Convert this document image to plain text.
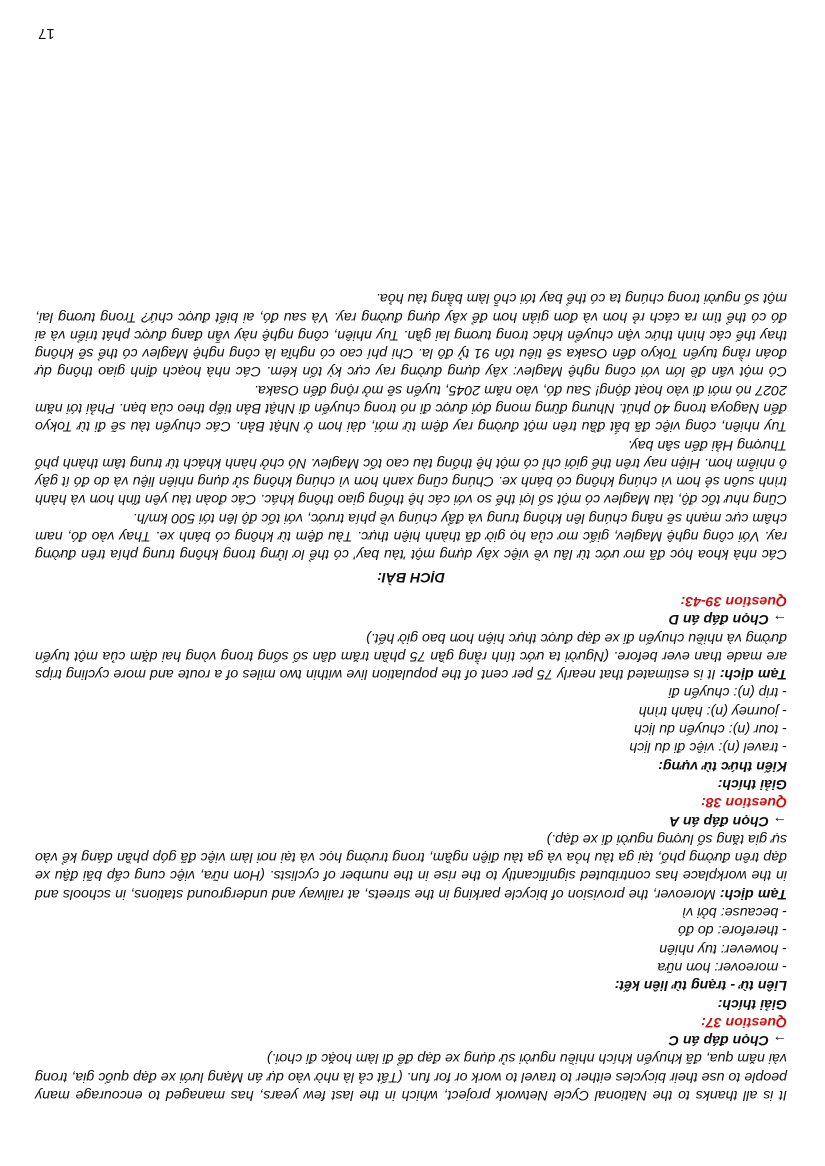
It is all thanks to the National Cycle Network project, which in the last few years, has managed to encourage many people to use their bicycles either to travel to work or for fun. (Tất cả là nhờ vào dự án Mạng lưới xe đạp quốc gia, trong vài năm qua, đã khuyến khích nhiều người sử dụng xe đạp để đi làm hoặc đi chơi.)

→ Chọn đáp án C

Question 37:

Giải thích:

Liên từ - trạng từ liên kết:

- moreover: hơn nữa

- however: tuy nhiên

- therefore: do đó

- because: bởi vì

Tạm dịch: Moreover, the provision of bicycle parking in the streets, at railway and underground stations, in schools and in the workplace has contributed significantly to the rise in the number of cyclists. (Hơn nữa, việc cung cấp bãi đậu xe đạp trên đường phố, tại ga tàu hỏa và ga tàu điện ngầm, trong trường học và tại nơi làm việc đã góp phần đáng kể vào sự gia tăng số lượng người đi xe đạp.)

→ Chọn đáp án A

Question 38:

Giải thích:

Kiến thức từ vựng:

- travel (n): việc đi du lịch

- tour (n): chuyến du lịch

- journey (n): hành trình

- trip (n): chuyến đi

Tạm dịch: It is estimated that nearly 75 per cent of the population live within two miles of a route and more cycling trips are made than ever before. (Người ta ước tính rằng gần 75 phần trăm dân số sống trong vòng hai dặm của một tuyến đường và nhiều chuyến đi xe đạp được thực hiện hơn bao giờ hết.)

→ Chọn đáp án D

Question 39-43:

DỊCH BÀI:

Các nhà khoa học đã mơ ước từ lâu về việc xây dựng một 'tàu bay' có thể lơ lửng trong không trung phía trên đường ray. Với công nghệ Maglev, giấc mơ của họ giờ đã thành hiện thực. Tàu đệm từ không có bánh xe. Thay vào đó, nam châm cực mạnh sẽ nâng chúng lên không trung và đẩy chúng về phía trước, với tốc độ lên tới 500 km/h.

Cũng như tốc độ, tàu Maglev có một số lợi thế so với các hệ thống giao thông khác. Các đoàn tàu yên tĩnh hơn và hành trình suôn sẻ hơn vì chúng không có bánh xe. Chúng cũng xanh hơn vì chúng không sử dụng nhiên liệu và do đó ít gây ô nhiễm hơn. Hiện nay trên thế giới chỉ có một hệ thống tàu cao tốc Maglev. Nó chở hành khách từ trung tâm thành phố Thượng Hải đến sân bay.

Tuy nhiên, công việc đã bắt đầu trên một đường ray đệm từ mới, dài hơn ở Nhật Bản. Các chuyến tàu sẽ đi từ Tokyo đến Nagoya trong 40 phút. Nhưng đừng mong đợi được đi nó trong chuyến đi Nhật Bản tiếp theo của bạn. Phải tới năm 2027 nó mới đi vào hoạt động! Sau đó, vào năm 2045, tuyến sẽ mở rộng đến Osaka.

Có một vấn đề lớn với công nghệ Maglev: xây dựng đường ray cực kỳ tốn kém. Các nhà hoạch định giao thông dự đoán rằng tuyến Tokyo đến Osaka sẽ tiêu tốn 91 tỷ đô la. Chi phí cao có nghĩa là công nghệ Maglev có thể sẽ không thay thế các hình thức vận chuyển khác trong tương lai gần. Tuy nhiên, công nghệ này vẫn đang được phát triển và ai đó có thể tìm ra cách rẻ hơn và đơn giản hơn để xây dựng đường ray. Và sau đó, ai biết được chứ? Trong tương lai, một số người trong chúng ta có thể bay tới chỗ làm bằng tàu hỏa.

17
